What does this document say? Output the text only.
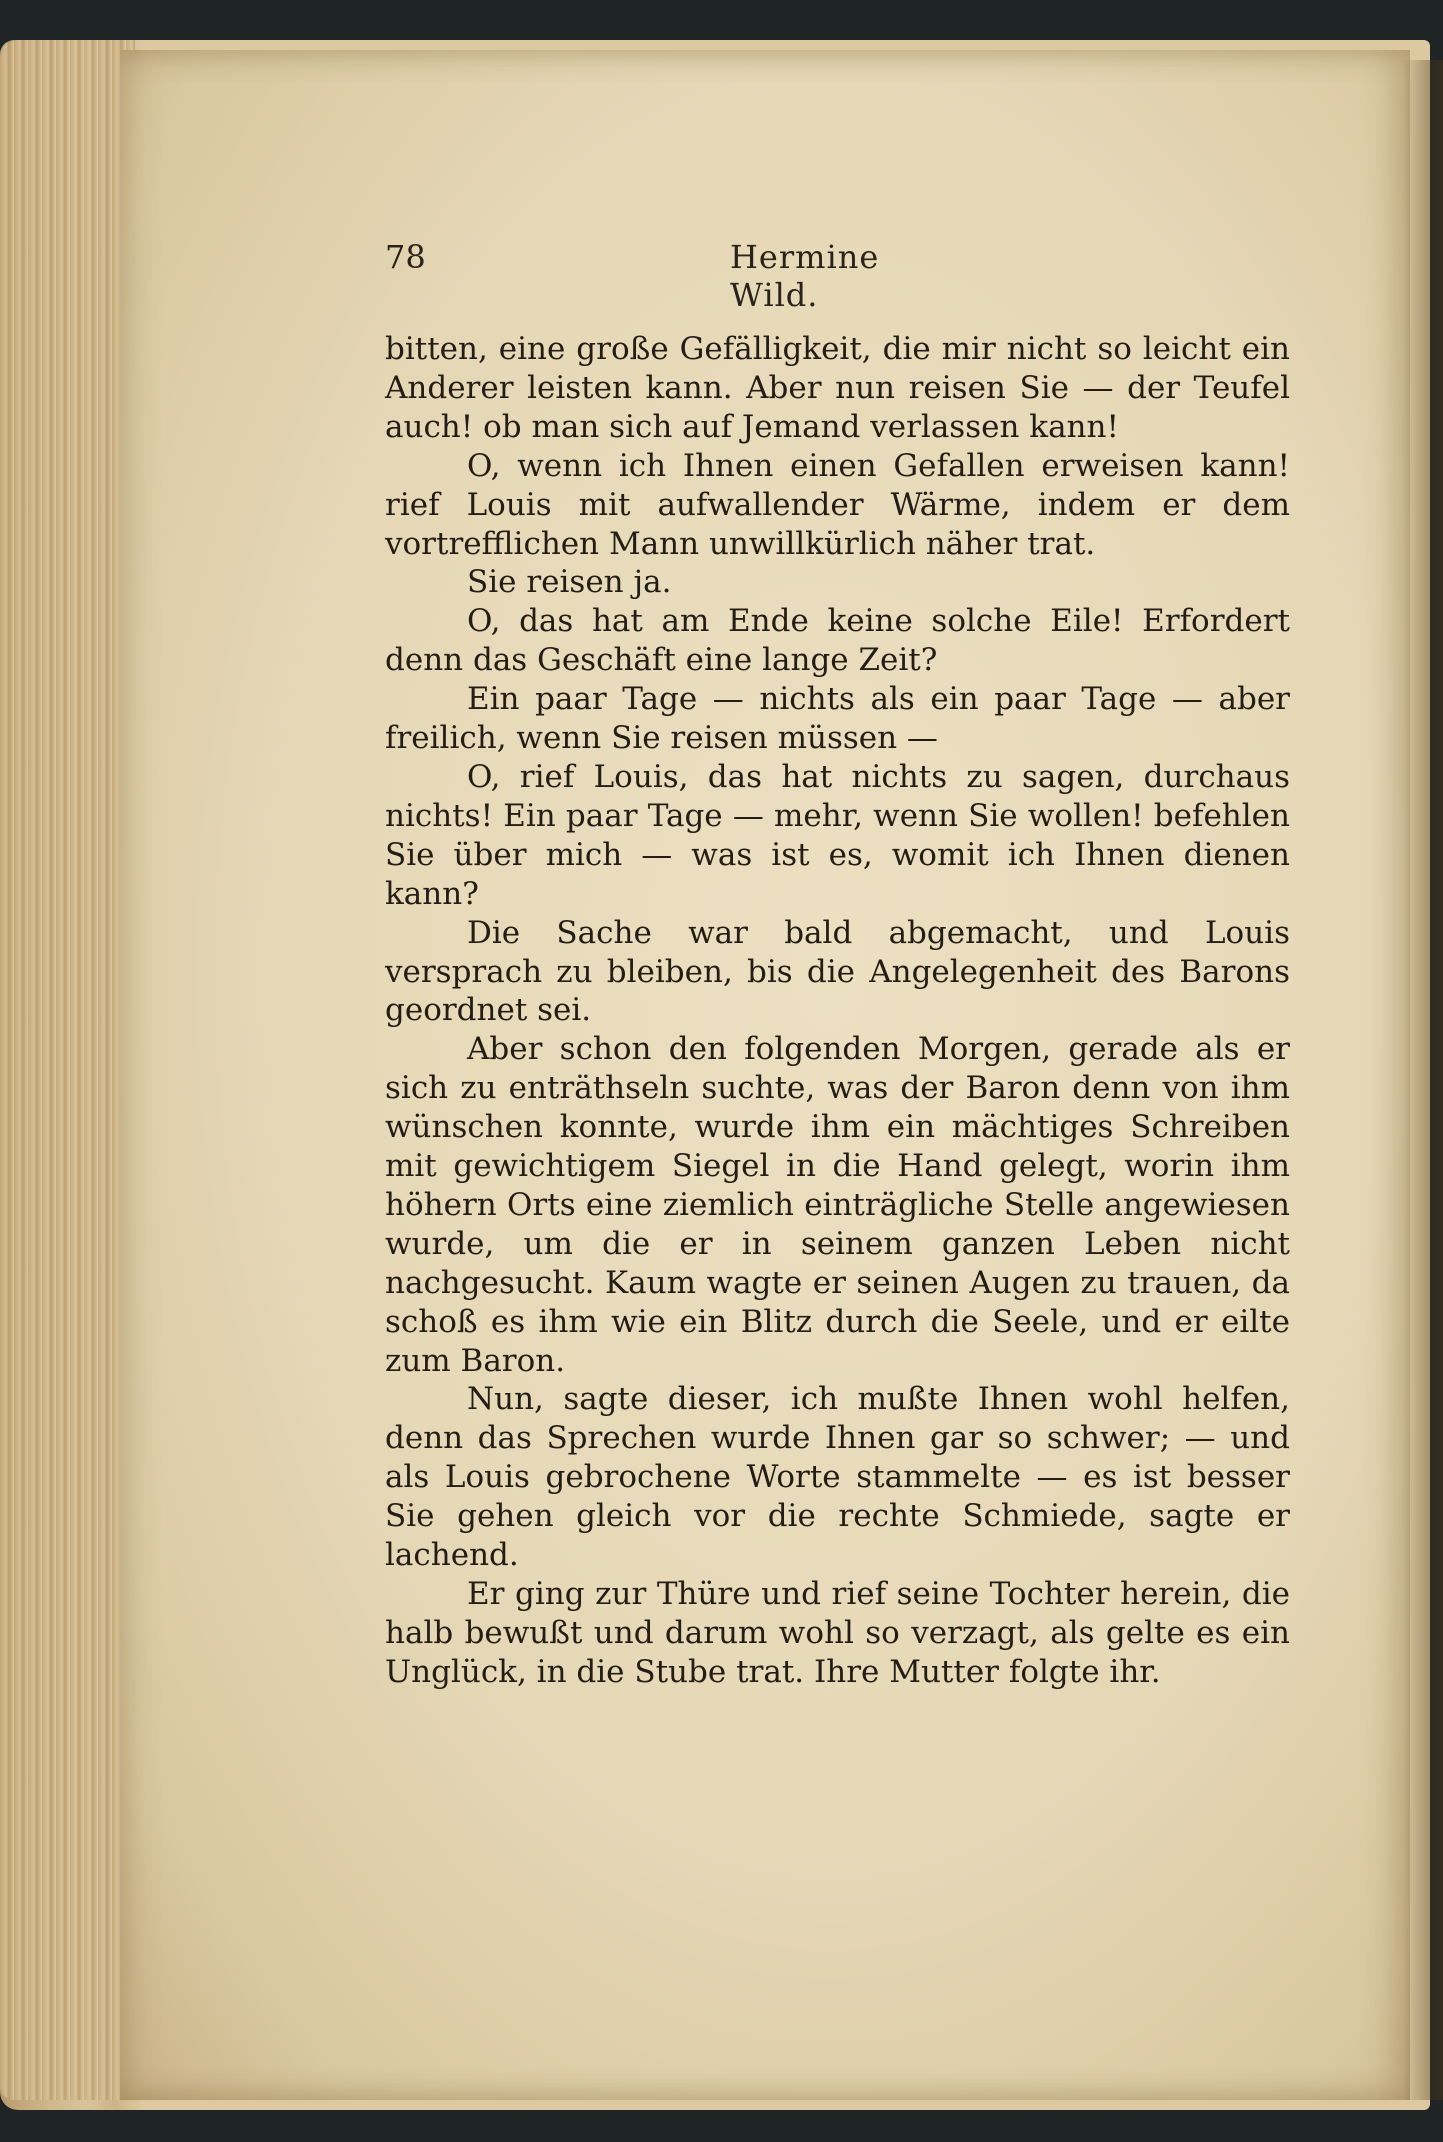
78	Hermine Wild.

bitten, eine große Gefälligkeit, die mir nicht so leicht ein Anderer leisten kann. Aber nun reisen Sie — der Teufel auch! ob man sich auf Jemand verlassen kann!

O, wenn ich Ihnen einen Gefallen erweisen kann! rief Louis mit aufwallender Wärme, indem er dem vortrefflichen Mann unwillkürlich näher trat.

Sie reisen ja.

O, das hat am Ende keine solche Eile! Erfordert denn das Geschäft eine lange Zeit?

Ein paar Tage — nichts als ein paar Tage — aber freilich, wenn Sie reisen müssen —

O, rief Louis, das hat nichts zu sagen, durchaus nichts! Ein paar Tage — mehr, wenn Sie wollen! befehlen Sie über mich — was ist es, womit ich Ihnen dienen kann?

Die Sache war bald abgemacht, und Louis versprach zu bleiben, bis die Angelegenheit des Barons geordnet sei.

Aber schon den folgenden Morgen, gerade als er sich zu enträthseln suchte, was der Baron denn von ihm wünschen konnte, wurde ihm ein mächtiges Schreiben mit gewichtigem Siegel in die Hand gelegt, worin ihm höhern Orts eine ziemlich einträgliche Stelle angewiesen wurde, um die er in seinem ganzen Leben nicht nachgesucht. Kaum wagte er seinen Augen zu trauen, da schoß es ihm wie ein Blitz durch die Seele, und er eilte zum Baron.

Nun, sagte dieser, ich mußte Ihnen wohl helfen, denn das Sprechen wurde Ihnen gar so schwer; — und als Louis gebrochene Worte stammelte — es ist besser Sie gehen gleich vor die rechte Schmiede, sagte er lachend.

Er ging zur Thüre und rief seine Tochter herein, die halb bewußt und darum wohl so verzagt, als gelte es ein Unglück, in die Stube trat. Ihre Mutter folgte ihr.
